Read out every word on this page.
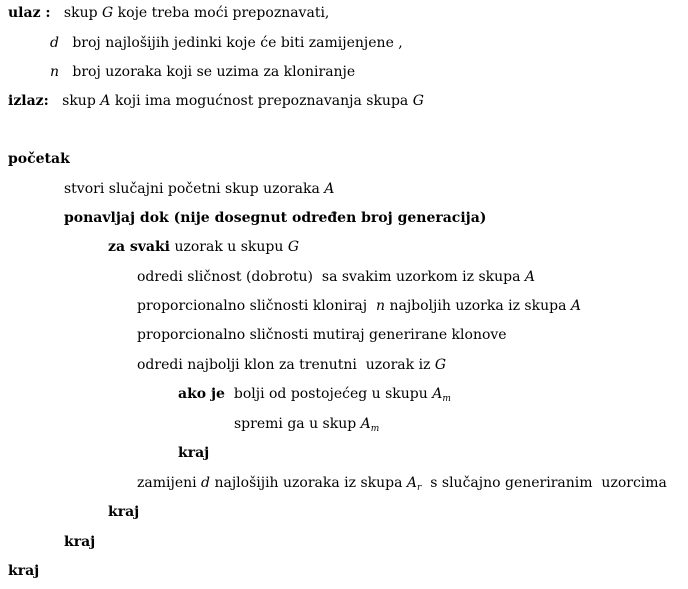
ulaz : skup G koje treba moći prepoznavati,
d broj najlošijih jedinki koje će biti zamijenjene ,
n broj uzoraka koji se uzima za kloniranje
izlaz: skup A koji ima mogućnost prepoznavanja skupa G
početak
stvori slučajni početni skup uzoraka A
ponavljaj dok (nije dosegnut određen broj generacija)
za svaki uzorak u skupu G
odredi sličnost (dobrotu)  sa svakim uzorkom iz skupa A
proporcionalno sličnosti kloniraj  n najboljih uzorka iz skupa A
proporcionalno sličnosti mutiraj generirane klonove
odredi najbolji klon za trenutni  uzorak iz G
ako je  bolji od postojećeg u skupu $A_m$
spremi ga u skup $A_m$
kraj
zamijeni d najlošijih uzoraka iz skupa $A_r$  s slučajno generiranim  uzorcima
kraj
kraj
kraj
